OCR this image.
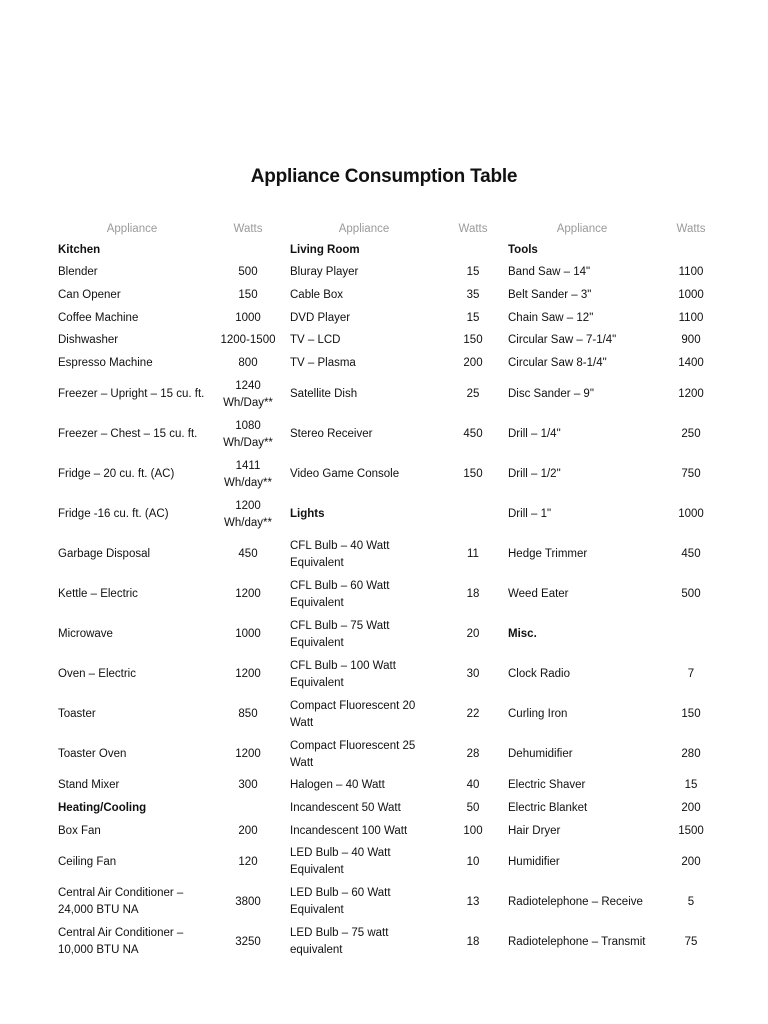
Appliance Consumption Table
Appliance	Watts	Appliance	Watts	Appliance	Watts
Kitchen		Living Room		Tools	
Blender	500	Bluray Player	15	Band Saw – 14"	1100
Can Opener	150	Cable Box	35	Belt Sander – 3"	1000
Coffee Machine	1000	DVD Player	15	Chain Saw – 12"	1100
Dishwasher	1200-1500	TV – LCD	150	Circular Saw – 7-1/4"	900
Espresso Machine	800	TV – Plasma	200	Circular Saw 8-1/4"	1400
Freezer – Upright – 15 cu. ft.	1240 Wh/Day**	Satellite Dish	25	Disc Sander – 9"	1200
Freezer – Chest – 15 cu. ft.	1080 Wh/Day**	Stereo Receiver	450	Drill – 1/4"	250
Fridge – 20 cu. ft. (AC)	1411 Wh/day**	Video Game Console	150	Drill – 1/2"	750
Fridge -16 cu. ft. (AC)	1200 Wh/day**	Lights		Drill – 1"	1000
Garbage Disposal	450	CFL Bulb – 40 Watt Equivalent	11	Hedge Trimmer	450
Kettle – Electric	1200	CFL Bulb – 60 Watt Equivalent	18	Weed Eater	500
Microwave	1000	CFL Bulb – 75 Watt Equivalent	20	Misc.	
Oven – Electric	1200	CFL Bulb – 100 Watt Equivalent	30	Clock Radio	7
Toaster	850	Compact Fluorescent 20 Watt	22	Curling Iron	150
Toaster Oven	1200	Compact Fluorescent 25 Watt	28	Dehumidifier	280
Stand Mixer	300	Halogen – 40 Watt	40	Electric Shaver	15
Heating/Cooling		Incandescent 50 Watt	50	Electric Blanket	200
Box Fan	200	Incandescent 100 Watt	100	Hair Dryer	1500
Ceiling Fan	120	LED Bulb – 40 Watt Equivalent	10	Humidifier	200
Central Air Conditioner – 24,000 BTU NA	3800	LED Bulb – 60 Watt Equivalent	13	Radiotelephone – Receive	5
Central Air Conditioner – 10,000 BTU NA	3250	LED Bulb – 75 watt equivalent	18	Radiotelephone – Transmit	75
